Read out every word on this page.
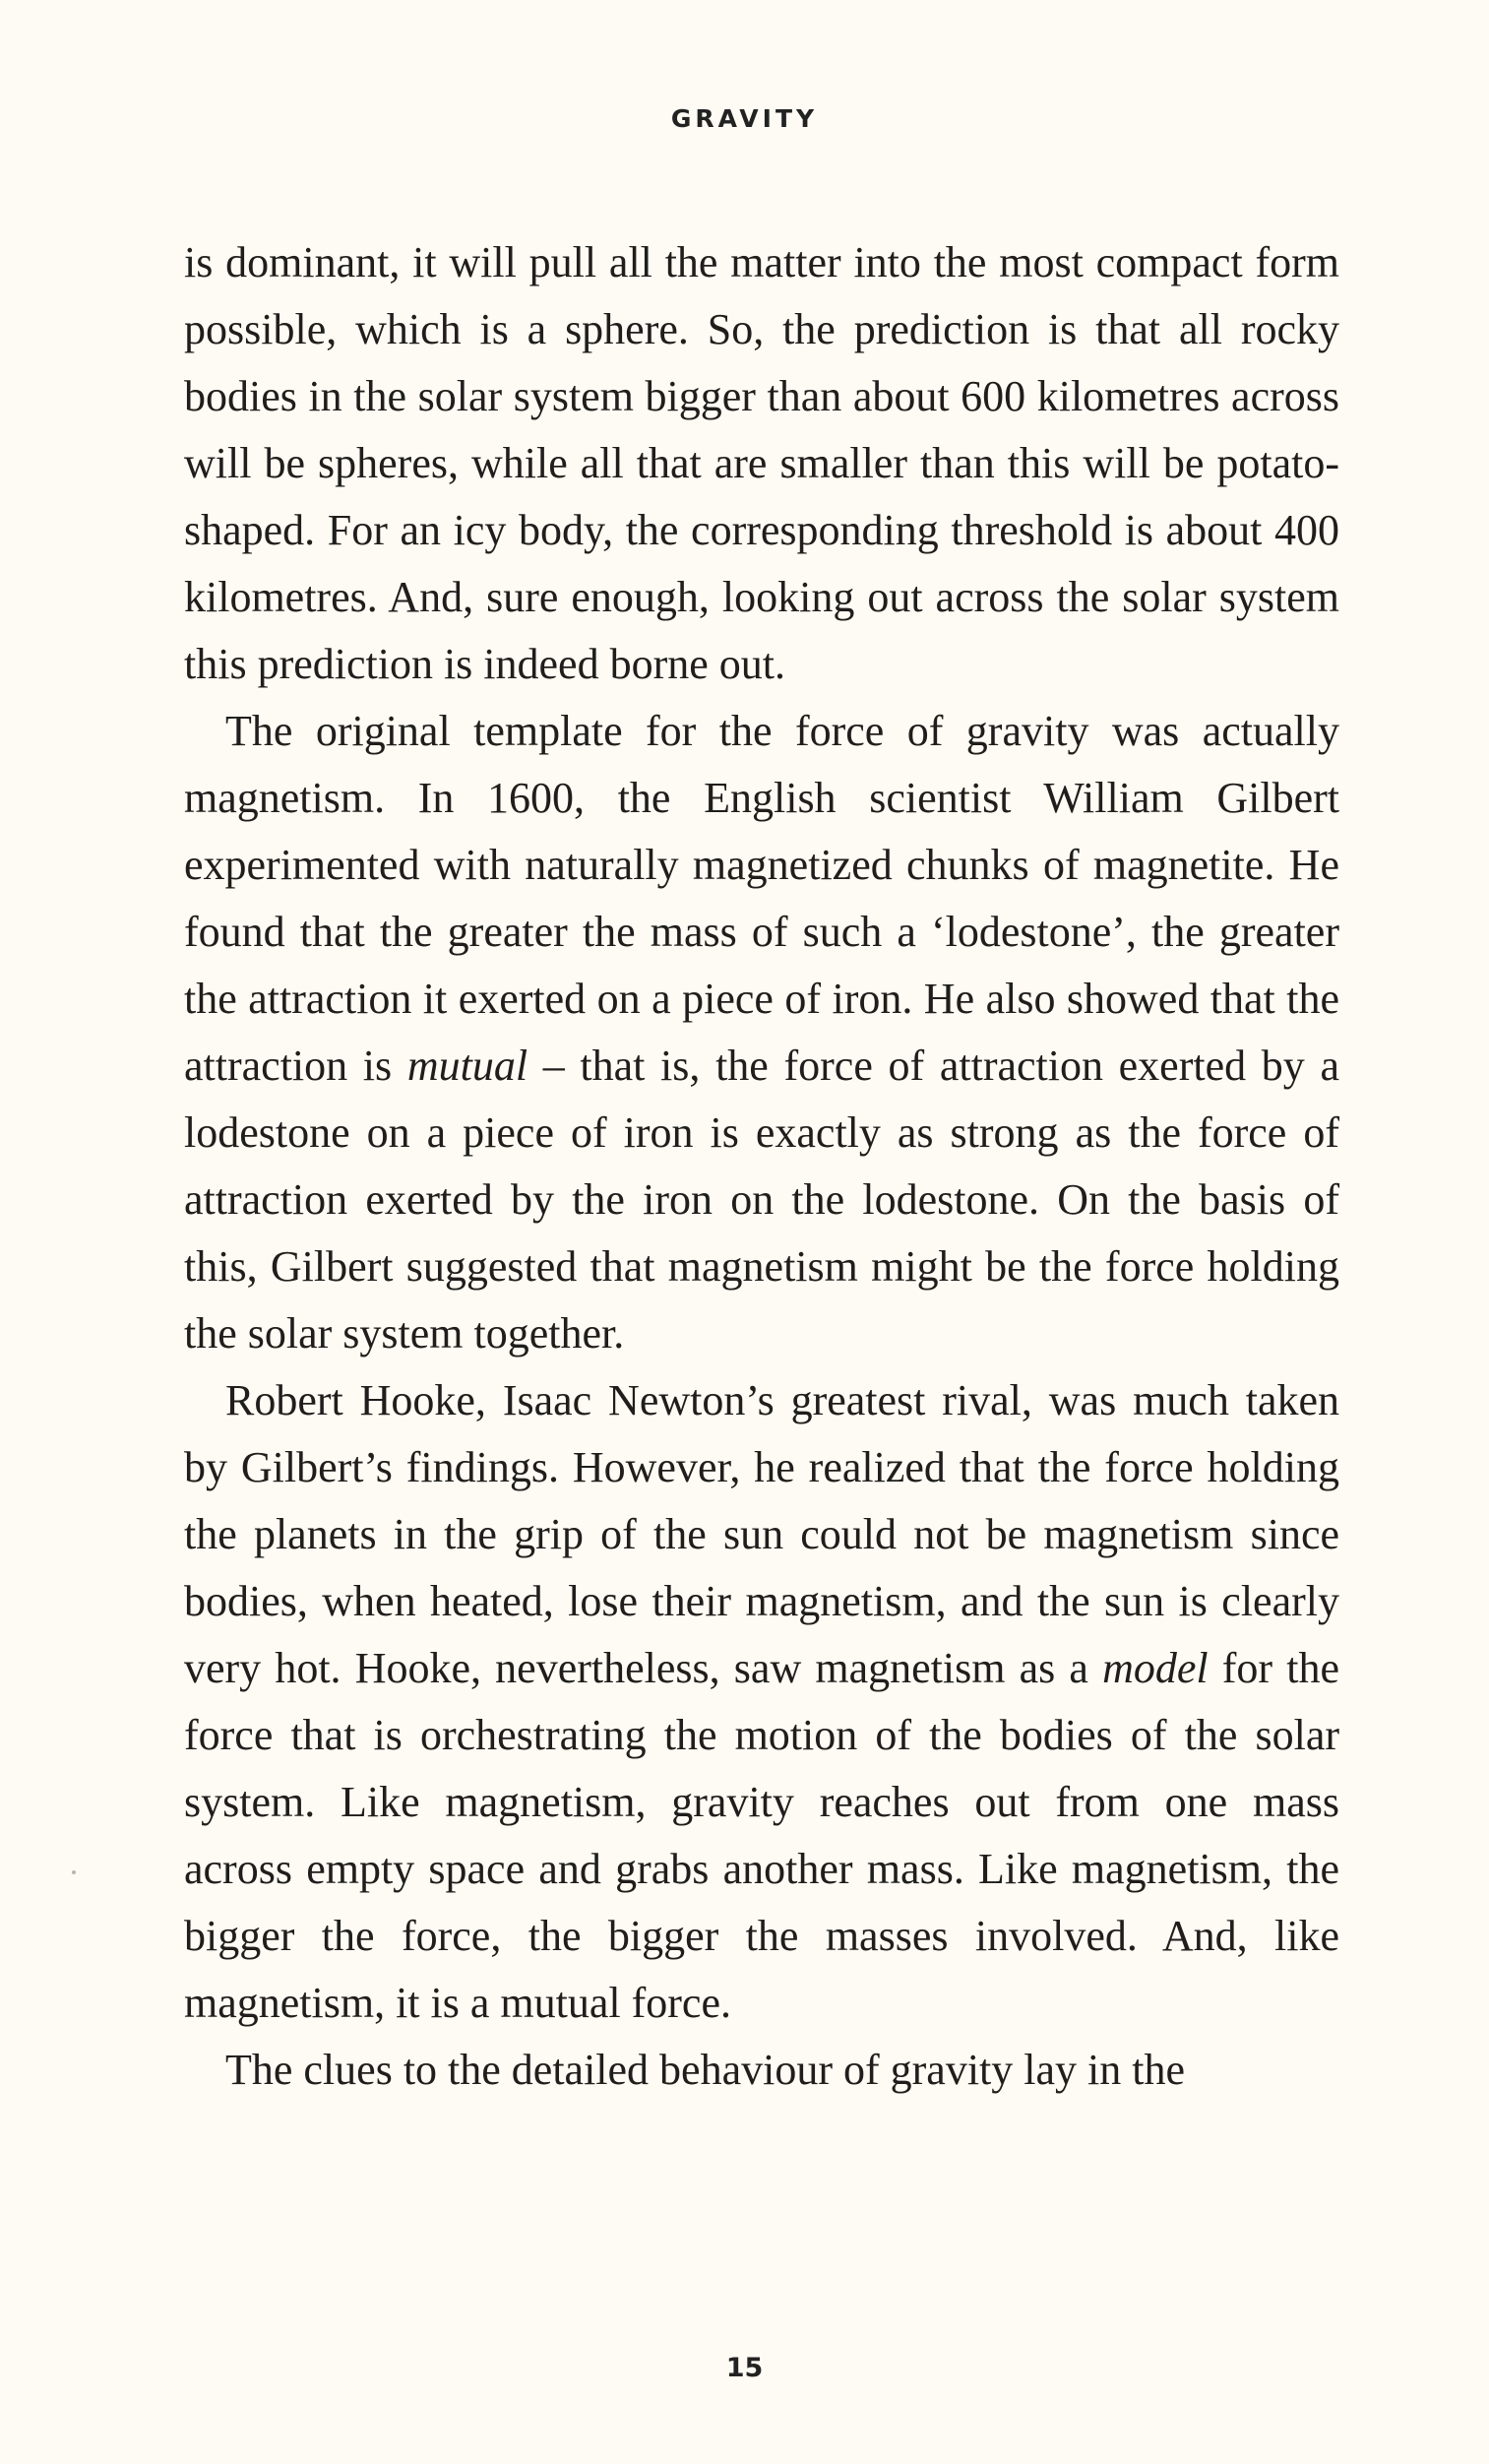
GRAVITY

is dominant, it will pull all the matter into the most compact form possible, which is a sphere. So, the prediction is that all rocky bodies in the solar system bigger than about 600 kilometres across will be spheres, while all that are smaller than this will be potato-shaped. For an icy body, the corresponding threshold is about 400 kilometres. And, sure enough, looking out across the solar system this prediction is indeed borne out.

The original template for the force of gravity was actually magnetism. In 1600, the English scientist William Gilbert experimented with naturally magnetized chunks of magnetite. He found that the greater the mass of such a ‘lodestone’, the greater the attraction it exerted on a piece of iron. He also showed that the attraction is mutual – that is, the force of attraction exerted by a lodestone on a piece of iron is exactly as strong as the force of attraction exerted by the iron on the lodestone. On the basis of this, Gilbert suggested that magnetism might be the force holding the solar system together.

Robert Hooke, Isaac Newton’s greatest rival, was much taken by Gilbert’s findings. However, he realized that the force holding the planets in the grip of the sun could not be magnetism since bodies, when heated, lose their magnetism, and the sun is clearly very hot. Hooke, nevertheless, saw magnetism as a model for the force that is orchestrating the motion of the bodies of the solar system. Like magnetism, gravity reaches out from one mass across empty space and grabs another mass. Like magnetism, the bigger the force, the bigger the masses involved. And, like magnetism, it is a mutual force.

The clues to the detailed behaviour of gravity lay in the

15
